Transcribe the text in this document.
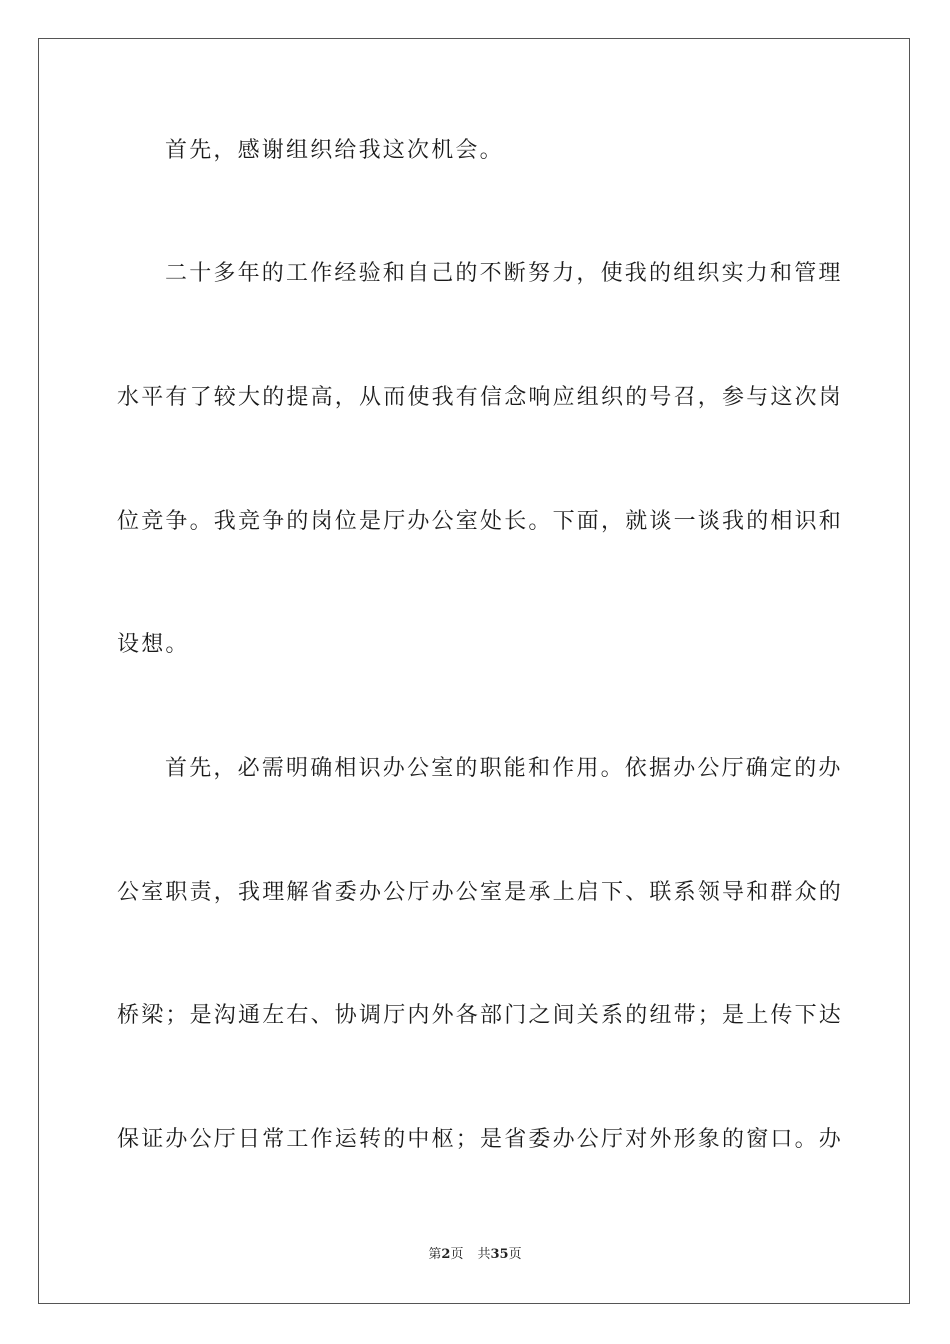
首先，感谢组织给我这次机会。
二十多年的工作经验和自己的不断努力，使我的组织实力和管理
水平有了较大的提高，从而使我有信念响应组织的号召，参与这次岗
位竞争。我竞争的岗位是厅办公室处长。下面，就谈一谈我的相识和
设想。
首先，必需明确相识办公室的职能和作用。依据办公厅确定的办
公室职责，我理解省委办公厅办公室是承上启下、联系领导和群众的
桥梁；是沟通左右、协调厅内外各部门之间关系的纽带；是上传下达
保证办公厅日常工作运转的中枢；是省委办公厅对外形象的窗口。办
第2页 共35页
